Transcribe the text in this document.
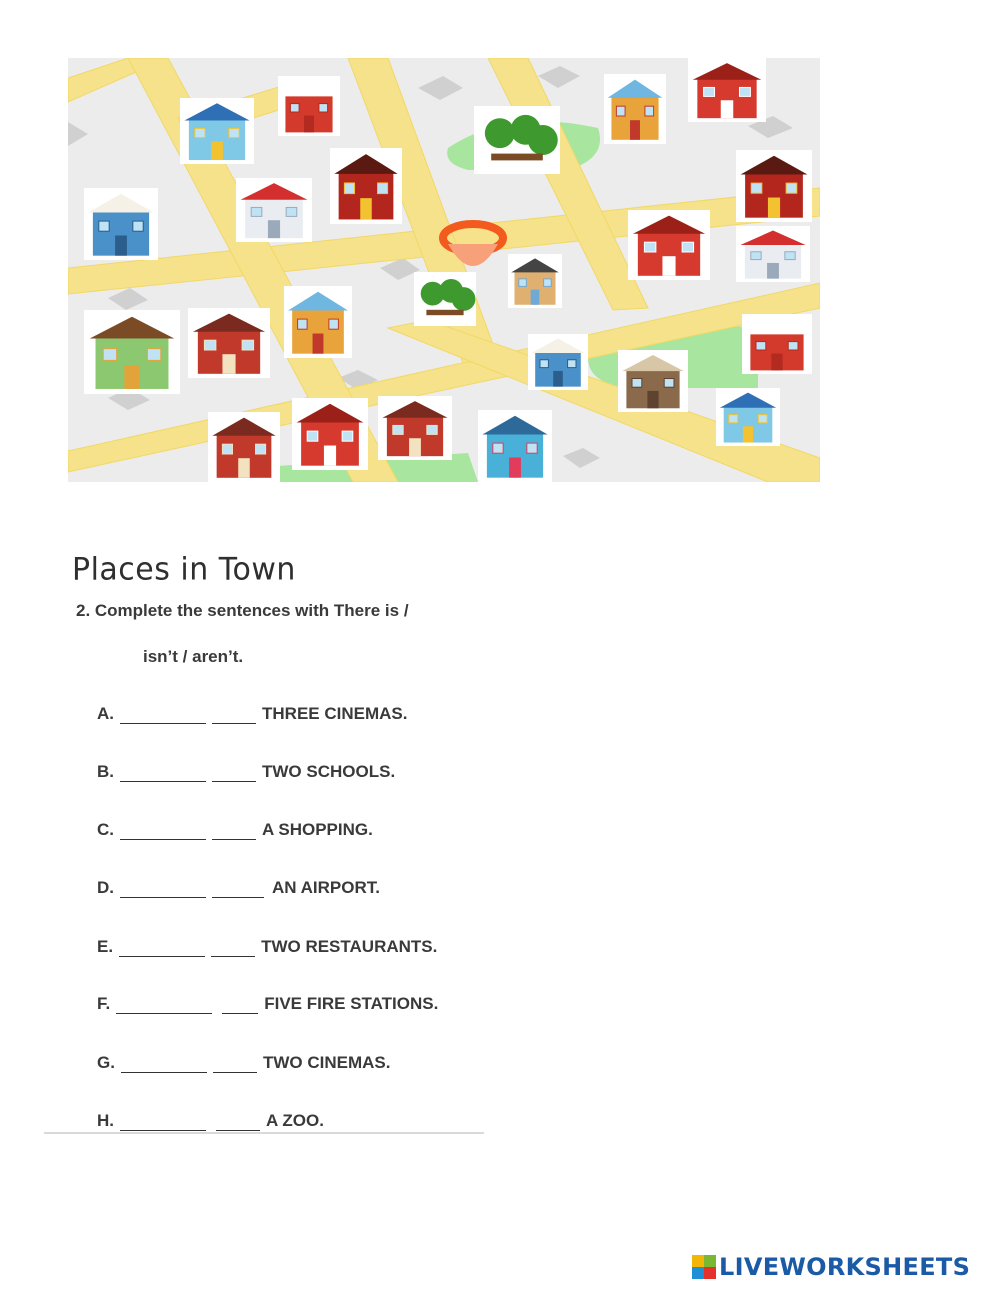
Places in Town
2. Complete the sentences with There is /
isn’t / aren’t.
A.	THREE CINEMAS.
B.	TWO SCHOOLS.
C.	A SHOPPING.
D.	AN AIRPORT.
E.	TWO RESTAURANTS.
F.	FIVE FIRE STATIONS.
G.	TWO CINEMAS.
H.	A ZOO.
LIVEWORKSHEETS
